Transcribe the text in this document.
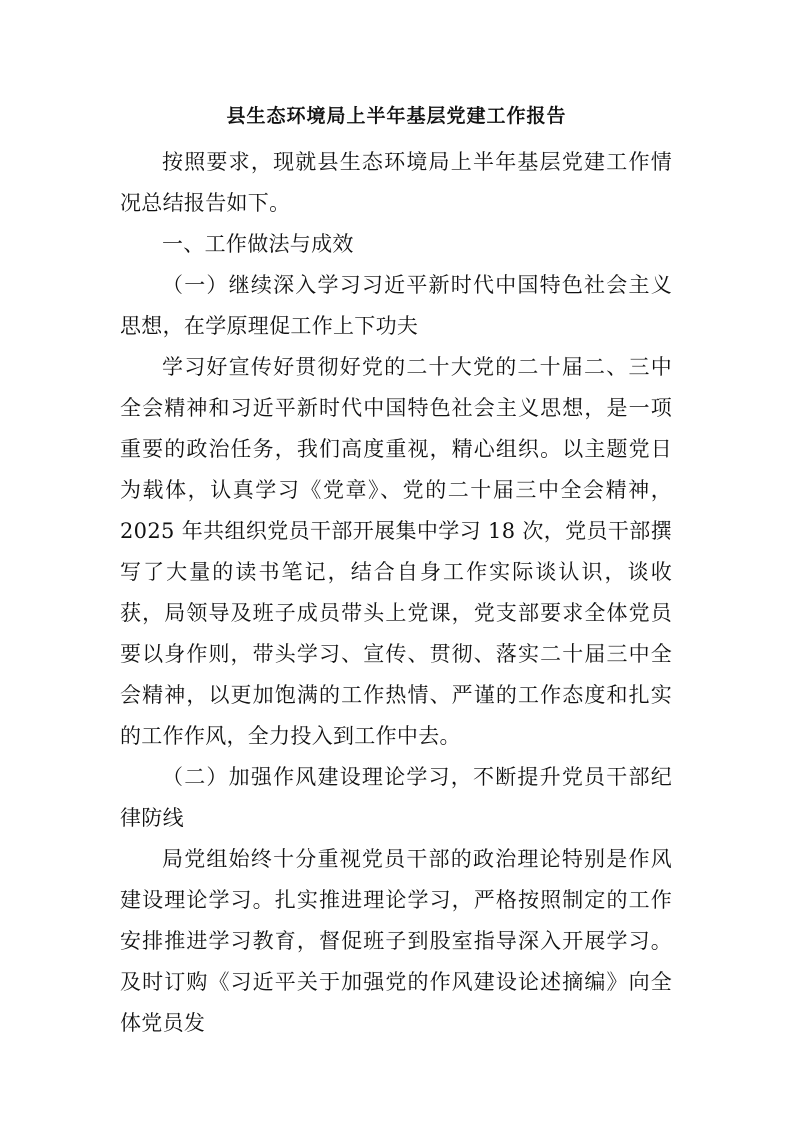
县生态环境局上半年基层党建工作报告

按照要求，现就县生态环境局上半年基层党建工作情况总结报告如下。

一、工作做法与成效

（一）继续深入学习习近平新时代中国特色社会主义思想，在学原理促工作上下功夫

学习好宣传好贯彻好党的二十大党的二十届二、三中全会精神和习近平新时代中国特色社会主义思想，是一项重要的政治任务，我们高度重视，精心组织。以主题党日为载体，认真学习《党章》、党的二十届三中全会精神，2025 年共组织党员干部开展集中学习 18 次，党员干部撰写了大量的读书笔记，结合自身工作实际谈认识，谈收获，局领导及班子成员带头上党课，党支部要求全体党员要以身作则，带头学习、宣传、贯彻、落实二十届三中全会精神，以更加饱满的工作热情、严谨的工作态度和扎实的工作作风，全力投入到工作中去。

（二）加强作风建设理论学习，不断提升党员干部纪律防线

局党组始终十分重视党员干部的政治理论特别是作风建设理论学习。扎实推进理论学习，严格按照制定的工作安排推进学习教育，督促班子到股室指导深入开展学习。及时订购《习近平关于加强党的作风建设论述摘编》向全体党员发
